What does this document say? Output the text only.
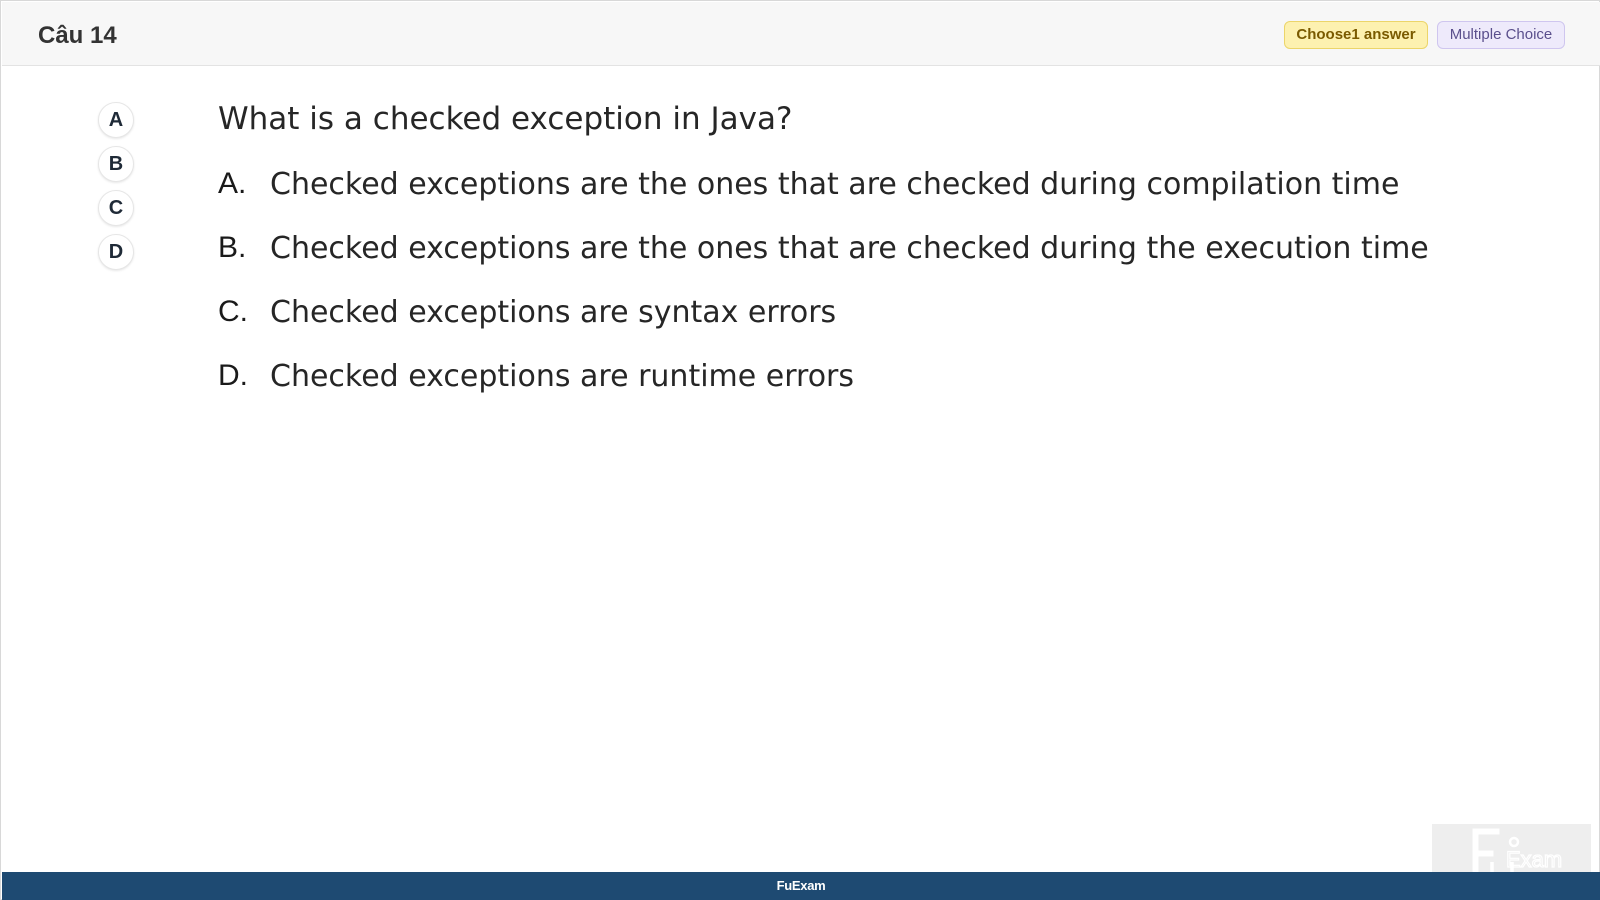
Câu 14	Choose1 answer	Multiple Choice
A
B
C
D
What is a checked exception in Java?
A. Checked exceptions are the ones that are checked during compilation time
B. Checked exceptions are the ones that are checked during the execution time
C. Checked exceptions are syntax errors
D. Checked exceptions are runtime errors
Exam
FuExam
